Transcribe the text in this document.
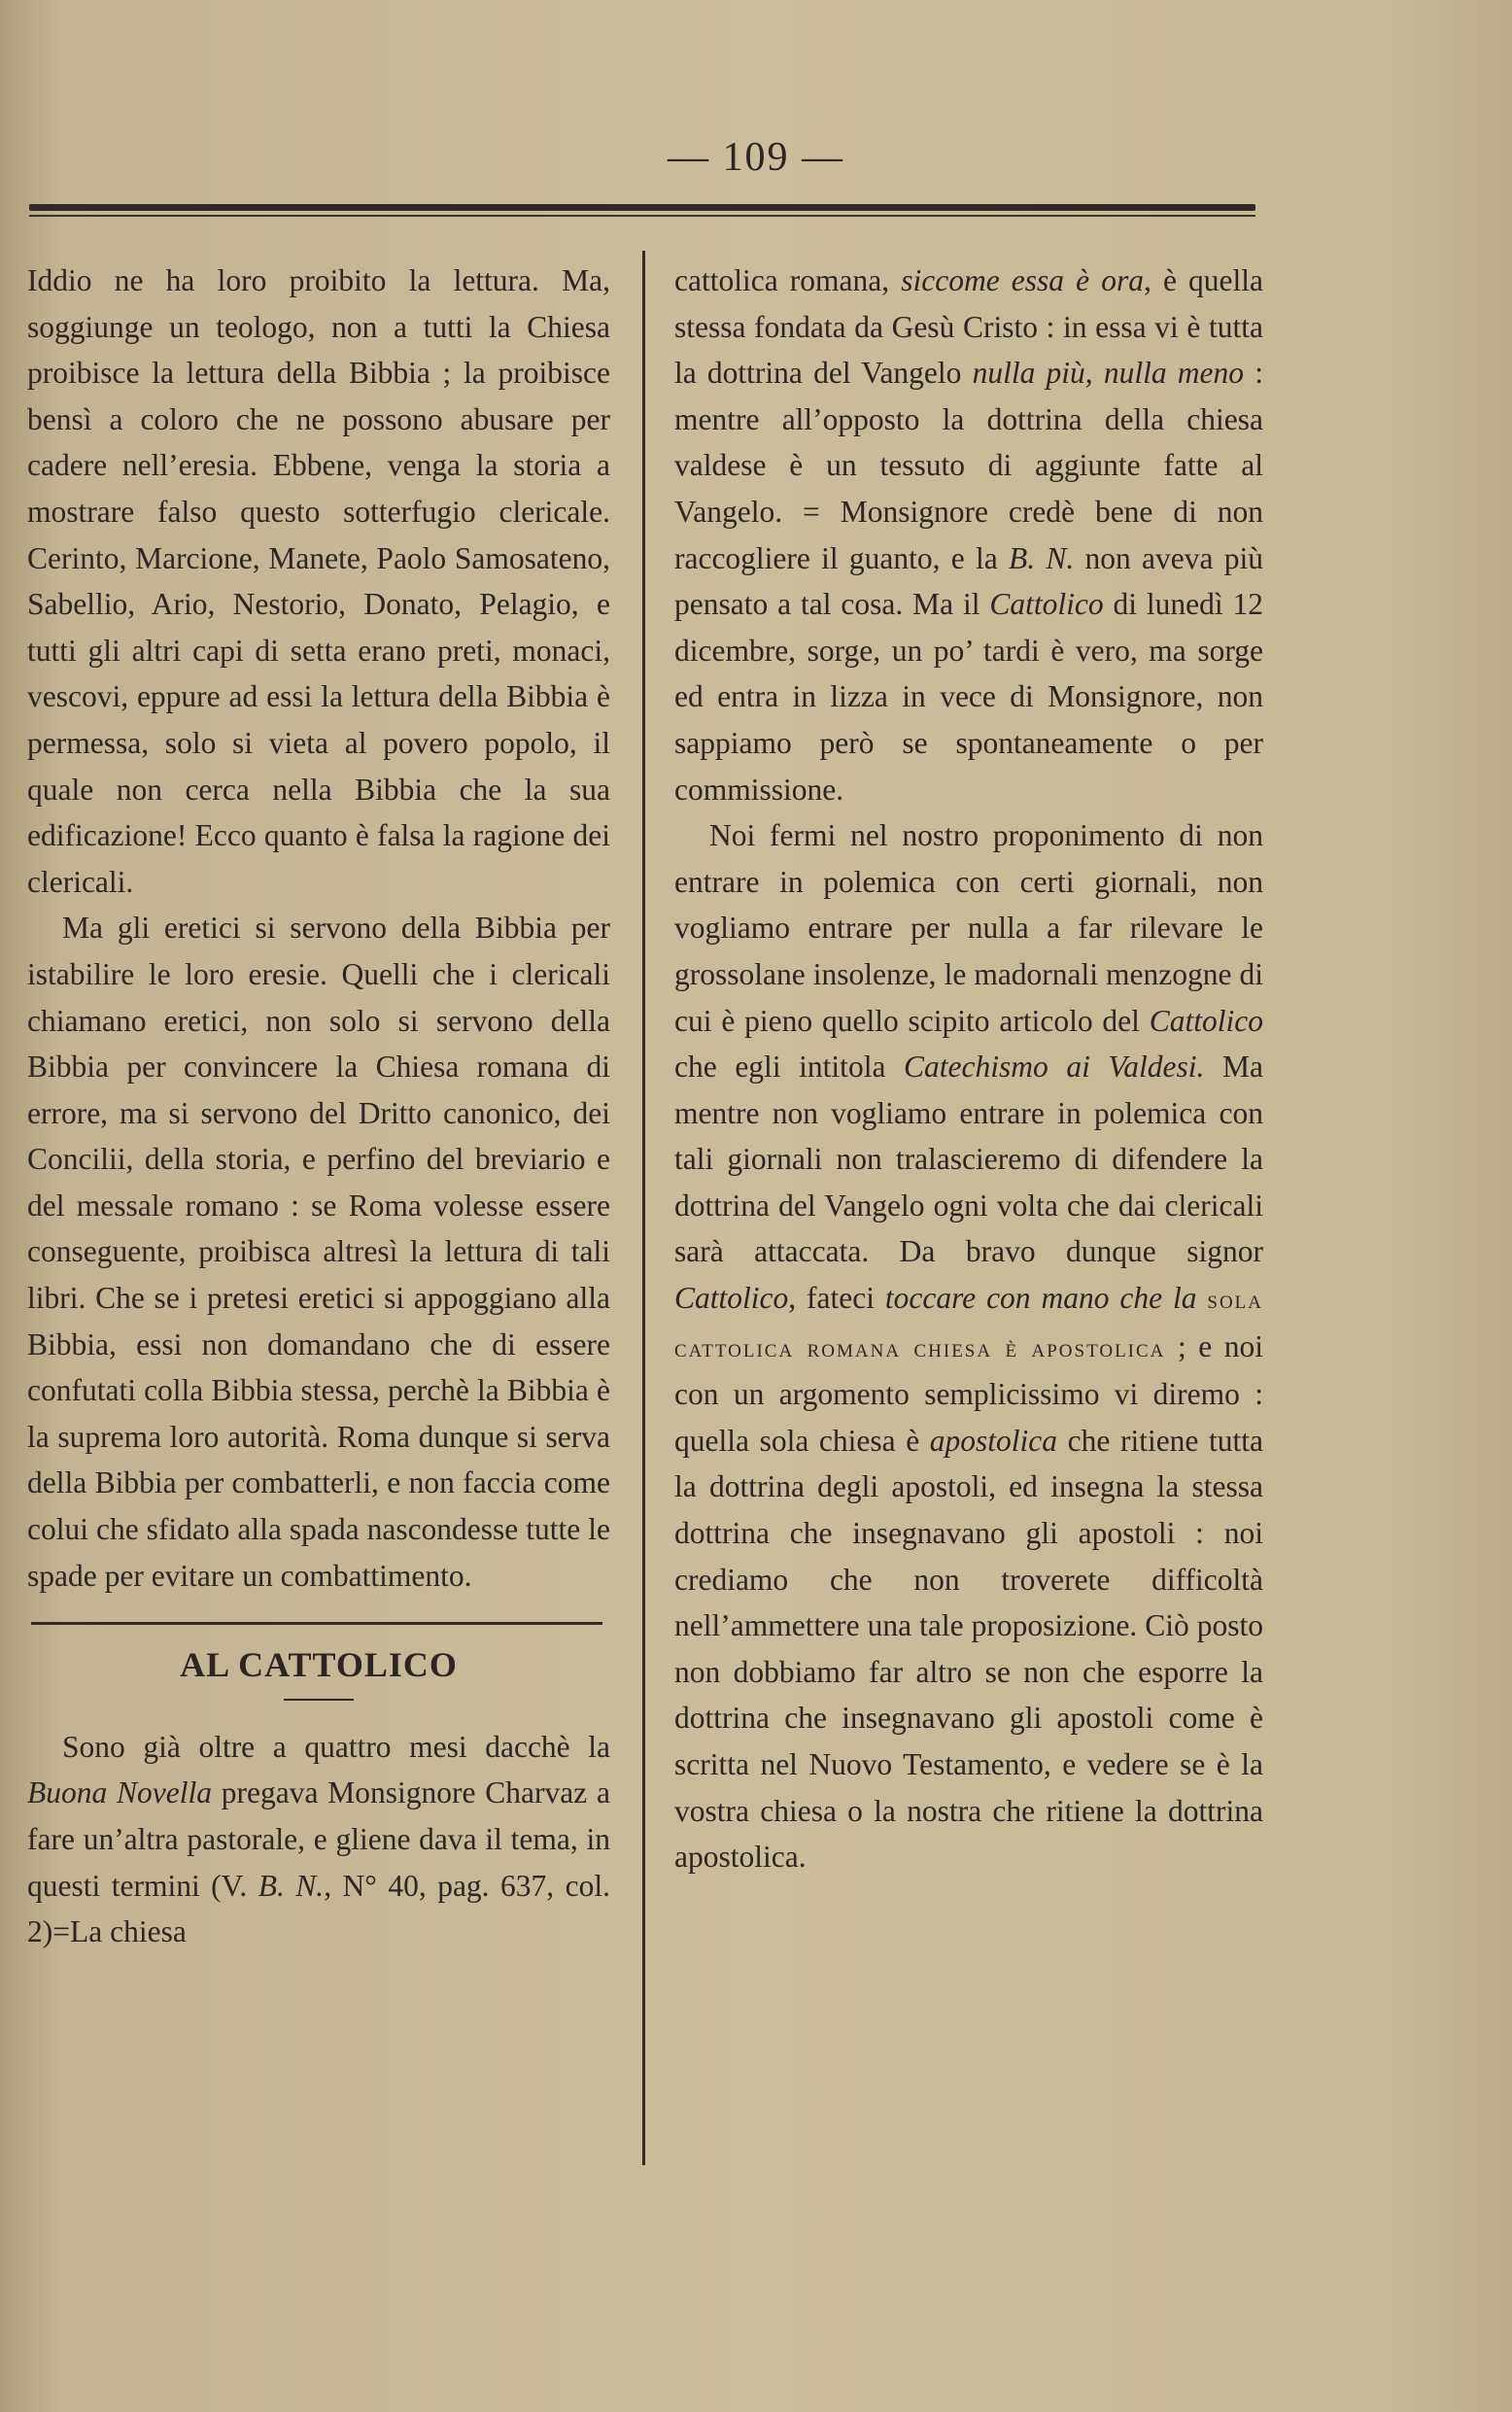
— 109 —

Iddio ne ha loro proibito la lettura. Ma, soggiunge un teologo, non a tutti la Chiesa proibisce la lettura della Bibbia ; la proibisce bensì a coloro che ne possono abusare per cadere nell’eresia. Ebbene, venga la storia a mostrare falso questo sotterfugio clericale. Cerinto, Marcione, Manete, Paolo Samosateno, Sabellio, Ario, Nestorio, Donato, Pelagio, e tutti gli altri capi di setta erano preti, monaci, vescovi, eppure ad essi la lettura della Bibbia è permessa, solo si vieta al povero popolo, il quale non cerca nella Bibbia che la sua edificazione! Ecco quanto è falsa la ragione dei clericali.

Ma gli eretici si servono della Bibbia per istabilire le loro eresie. Quelli che i clericali chiamano eretici, non solo si servono della Bibbia per convincere la Chiesa romana di errore, ma si servono del Dritto canonico, dei Concilii, della storia, e perfino del breviario e del messale romano : se Roma volesse essere conseguente, proibisca altresì la lettura di tali libri. Che se i pretesi eretici si appoggiano alla Bibbia, essi non domandano che di essere confutati colla Bibbia stessa, perchè la Bibbia è la suprema loro autorità. Roma dunque si serva della Bibbia per combatterli, e non faccia come colui che sfidato alla spada nascondesse tutte le spade per evitare un combattimento.

AL CATTOLICO

Sono già oltre a quattro mesi dacchè la Buona Novella pregava Monsignore Charvaz a fare un’altra pastorale, e gliene dava il tema, in questi termini (V. B. N., N° 40, pag. 637, col. 2)=La chiesa

cattolica romana, siccome essa è ora, è quella stessa fondata da Gesù Cristo : in essa vi è tutta la dottrina del Vangelo nulla più, nulla meno : mentre all’opposto la dottrina della chiesa valdese è un tessuto di aggiunte fatte al Vangelo. = Monsignore credè bene di non raccogliere il guanto, e la B. N. non aveva più pensato a tal cosa. Ma il Cattolico di lunedì 12 dicembre, sorge, un po’ tardi è vero, ma sorge ed entra in lizza in vece di Monsignore, non sappiamo però se spontaneamente o per commissione.

Noi fermi nel nostro proponimento di non entrare in polemica con certi giornali, non vogliamo entrare per nulla a far rilevare le grossolane insolenze, le madornali menzogne di cui è pieno quello scipito articolo del Cattolico che egli intitola Catechismo ai Valdesi. Ma mentre non vogliamo entrare in polemica con tali giornali non tralascieremo di difendere la dottrina del Vangelo ogni volta che dai clericali sarà attaccata. Da bravo dunque signor Cattolico, fateci toccare con mano che la sola cattolica romana chiesa è apostolica ; e noi con un argomento semplicissimo vi diremo : quella sola chiesa è apostolica che ritiene tutta la dottrina degli apostoli, ed insegna la stessa dottrina che insegnavano gli apostoli : noi crediamo che non troverete difficoltà nell’ammettere una tale proposizione. Ciò posto non dobbiamo far altro se non che esporre la dottrina che insegnavano gli apostoli come è scritta nel Nuovo Testamento, e vedere se è la vostra chiesa o la nostra che ritiene la dottrina apostolica.
